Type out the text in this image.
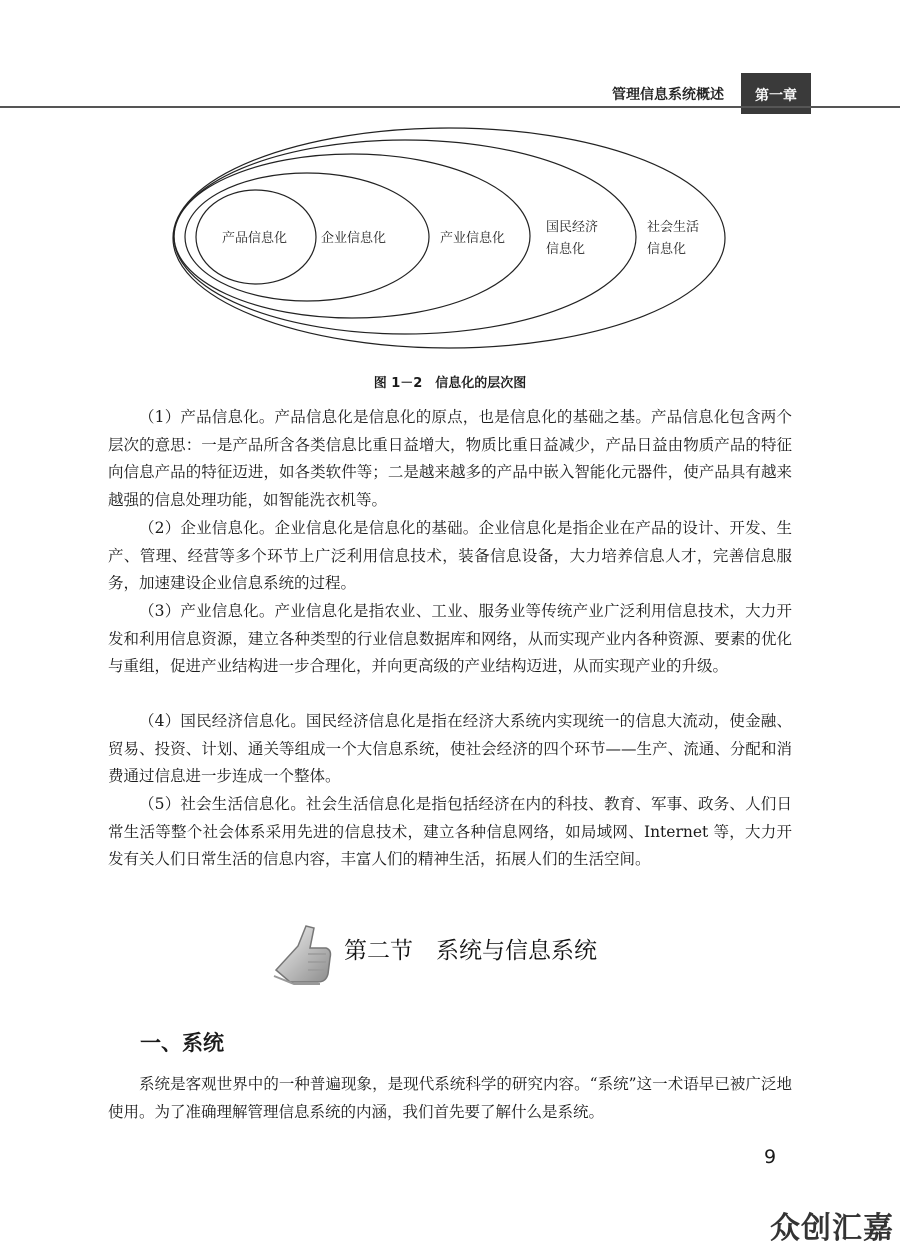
管理信息系统概述	第一章
产品信息化	企业信息化	产业信息化
国民经济
信息化
社会生活
信息化
图 1－2　信息化的层次图

（1）产品信息化。产品信息化是信息化的原点，也是信息化的基础之基。产品信息化包含两个层次的意思：一是产品所含各类信息比重日益增大，物质比重日益减少，产品日益由物质产品的特征向信息产品的特征迈进，如各类软件等；二是越来越多的产品中嵌入智能化元器件，使产品具有越来越强的信息处理功能，如智能洗衣机等。

（2）企业信息化。企业信息化是信息化的基础。企业信息化是指企业在产品的设计、开发、生产、管理、经营等多个环节上广泛利用信息技术，装备信息设备，大力培养信息人才，完善信息服务，加速建设企业信息系统的过程。

（3）产业信息化。产业信息化是指农业、工业、服务业等传统产业广泛利用信息技术，大力开发和利用信息资源，建立各种类型的行业信息数据库和网络，从而实现产业内各种资源、要素的优化与重组，促进产业结构进一步合理化，并向更高级的产业结构迈进，从而实现产业的升级。

（4）国民经济信息化。国民经济信息化是指在经济大系统内实现统一的信息大流动，使金融、贸易、投资、计划、通关等组成一个大信息系统，使社会经济的四个环节——生产、流通、分配和消费通过信息进一步连成一个整体。

（5）社会生活信息化。社会生活信息化是指包括经济在内的科技、教育、军事、政务、人们日常生活等整个社会体系采用先进的信息技术，建立各种信息网络，如局域网、Internet 等，大力开发有关人们日常生活的信息内容，丰富人们的精神生活，拓展人们的生活空间。

第二节　系统与信息系统
一、系统

系统是客观世界中的一种普遍现象，是现代系统科学的研究内容。“系统”这一术语早已被广泛地使用。为了准确理解管理信息系统的内涵，我们首先要了解什么是系统。

9
众创汇嘉
